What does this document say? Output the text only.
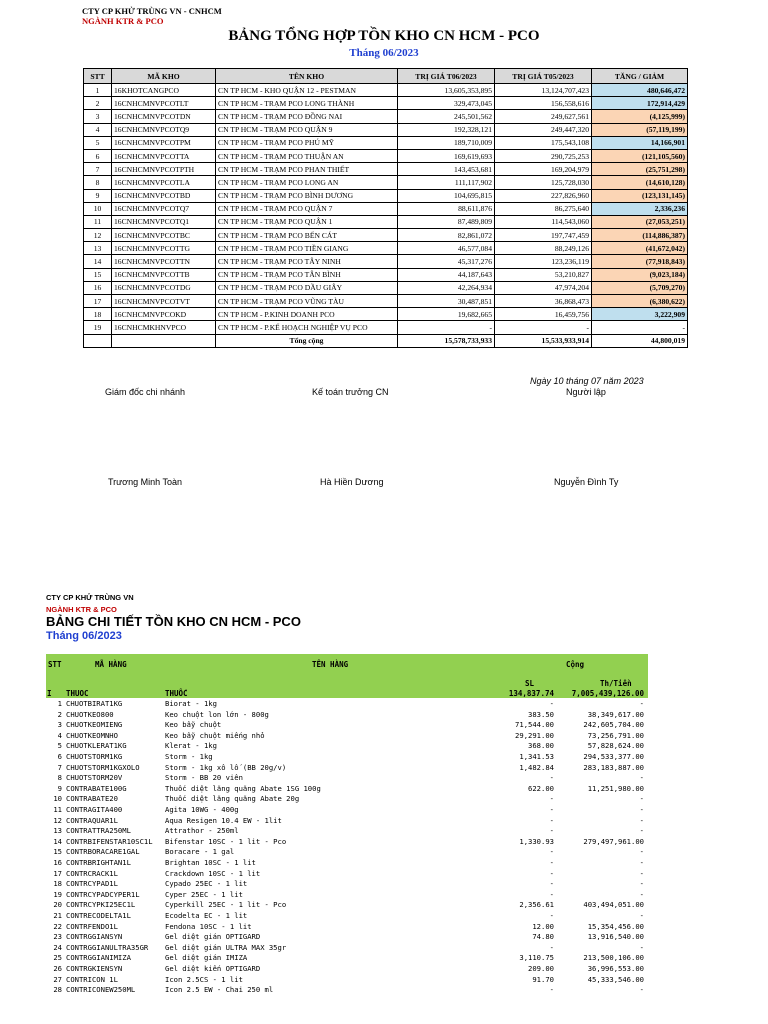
CTY CP KHỬ TRÙNG VN - CNHCM
NGÀNH KTR & PCO
BẢNG TỔNG HỢP TỒN KHO CN HCM - PCO
Tháng 06/2023
STT	MÃ KHO	TÊN KHO	TRỊ GIÁ T06/2023	TRỊ GIÁ T05/2023	TĂNG / GIẢM
1	16KHOTCANGPCO	CN TP HCM - KHO QUẬN 12 - PESTMAN	13,605,353,895	13,124,707,423	480,646,472
2	16CNHCMNVPCOTLT	CN TP HCM - TRẠM PCO LONG THÀNH	329,473,045	156,558,616	172,914,429
3	16CNHCMNVPCOTDN	CN TP HCM - TRẠM PCO ĐỒNG NAI	245,501,562	249,627,561	(4,125,999)
4	16CNHCMNVPCOTQ9	CN TP HCM - TRẠM PCO QUẬN 9	192,328,121	249,447,320	(57,119,199)
5	16CNHCMNVPCOTPM	CN TP HCM - TRẠM PCO PHÚ MỸ	189,710,009	175,543,108	14,166,901
6	16CNHCMNVPCOTTA	CN TP HCM - TRẠM PCO THUẬN AN	169,619,693	290,725,253	(121,105,560)
7	16CNHCMNVPCOTPTH	CN TP HCM - TRẠM PCO PHAN THIẾT	143,453,681	169,204,979	(25,751,298)
8	16CNHCMNVPCOTLA	CN TP HCM - TRẠM PCO LONG AN	111,117,902	125,728,030	(14,610,128)
9	16CNHCMNVPCOTBD	CN TP HCM - TRẠM PCO BÌNH DƯƠNG	104,695,815	227,826,960	(123,131,145)
10	16CNHCMNVPCOTQ7	CN TP HCM - TRẠM PCO QUẬN 7	88,611,876	86,275,640	2,336,236
11	16CNHCMNVPCOTQ1	CN TP HCM - TRẠM PCO QUẬN 1	87,489,809	114,543,060	(27,053,251)
12	16CNHCMNVPCOTBC	CN TP HCM - TRẠM PCO BẾN CÁT	82,861,072	197,747,459	(114,886,387)
13	16CNHCMNVPCOTTG	CN TP HCM - TRẠM PCO TIỀN GIANG	46,577,084	88,249,126	(41,672,042)
14	16CNHCMNVPCOTTN	CN TP HCM - TRẠM PCO TÂY NINH	45,317,276	123,236,119	(77,918,843)
15	16CNHCMNVPCOTTB	CN TP HCM - TRẠM PCO TÂN BÌNH	44,187,643	53,210,827	(9,023,184)
16	16CNHCMNVPCOTDG	CN TP HCM - TRẠM PCO DẦU GIÂY	42,264,934	47,974,204	(5,709,270)
17	16CNHCMNVPCOTVT	CN TP HCM - TRẠM PCO VŨNG TÀU	30,487,851	36,868,473	(6,380,622)
18	16CNHCMNVPCOKD	CN TP HCM - P.KINH DOANH PCO	19,682,665	16,459,756	3,222,909
19	16CNHCMKHNVPCO	CN TP HCM - P.KẾ HOẠCH NGHIỆP VỤ PCO	-	-	-
		Tổng cộng	15,578,733,933	15,533,933,914	44,800,019
Ngày 10 tháng 07 năm 2023
Giám đốc chi nhánh	Kế toán trưởng CN	Người lập
Trương Minh Toàn	Hà Hiền Dương	Nguyễn Đình Ty
CTY CP KHỬ TRÙNG VN
NGÀNH KTR & PCO
BẢNG CHI TIẾT TỒN KHO CN HCM - PCO
Tháng 06/2023
STT	MÃ HÀNG	TÊN HÀNG	Cộng
SL	Th/Tiền
I THUOC	THUỐC	134,837.74 7,005,439,126.00
1 CHUOTBIRAT1KG	Biorat - 1kg	-	-
2 CHUOTKEO800	Keo chuột lon lớn - 800g	383.50	38,349,617.00
3 CHUOTKEOMIENG	Keo bẫy chuột	71,544.00	242,605,704.00
4 CHUOTKEOMNHO	Keo bẫy chuột miếng nhỏ	29,291.00	73,256,791.00
5 CHUOTKLERAT1KG	Klerat - 1kg	368.00	57,828,624.00
6 CHUOTSTORM1KG	Storm - 1kg	1,341.53	294,533,377.00
7 CHUOTSTORM1KGXOLO	Storm - 1kg xô lố (BB 20g/v)	1,482.84	283,183,887.00
8 CHUOTSTORM20V	Storm - BB 20 viên	-	-
9 CONTRABATE100G	Thuốc diệt lăng quăng Abate 1SG 100g	622.00	11,251,980.00
10 CONTRABATE20	Thuốc diệt lăng quăng Abate 20g	-	-
11 CONTRAGITA400	Agita 10WG - 400g	-	-
12 CONTRAQUAR1L	Aqua Resigen 10.4 EW - 1lit	-	-
13 CONTRATTRA250ML	Attrathor - 250ml	-	-
14 CONTRBIFENSTAR10SC1L Bifenstar 10SC - 1 lit - Pco	1,330.93	279,497,961.00
15 CONTRBORACARE1GAL	Boracare - 1 gal	-	-
16 CONTRBRIGHTAN1L	Brightan 10SC - 1 lit	-	-
17 CONTRCRACK1L	Crackdown 10SC - 1 lit	-	-
18 CONTRCYPAD1L	Cypado 25EC - 1 lit	-	-
19 CONTRCYPADCYPER1L	Cyper 25EC - 1 lit	-	-
20 CONTRCYPKI25EC1L	Cyperkill 25EC - 1 lit - Pco	2,356.61	403,494,051.00
21 CONTRECODELTA1L	Ecodelta EC - 1 lit	-	-
22 CONTRFENDO1L	Fendona 10SC - 1 lit	12.00	15,354,456.00
23 CONTRGGIANSYN	Gel diệt gián OPTIGARD	74.80	13,916,540.00
24 CONTRGGIANULTRA35GR Gel diệt gián ULTRA MAX 35gr	-	-
25 CONTRGGIANIMIZA	Gel diệt gián IMIZA	3,110.75	213,500,106.00
26 CONTRGKIENSYN	Gel diệt kiến OPTIGARD	209.00	36,996,553.00
27 CONTRICON 1L	Icon 2.5CS - 1 lit	91.70	45,333,546.00
28 CONTRICONEW250ML	Icon 2.5 EW - Chai 250 ml	-	-
